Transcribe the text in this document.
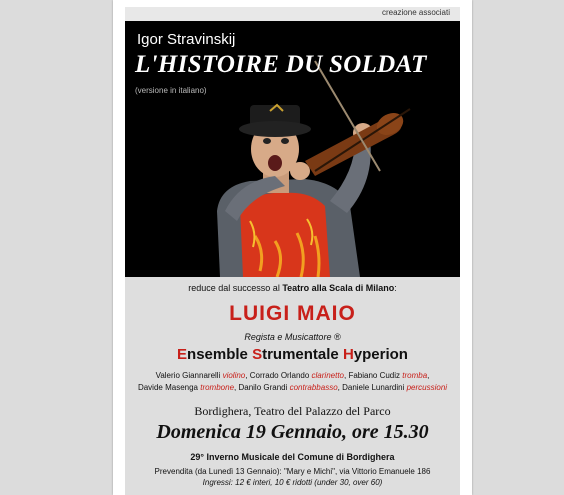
creazione associati
Igor Stravinskij
L'HISTOIRE DU SOLDAT
(versione in italiano)
reduce dal successo al Teatro alla Scala di Milano:
LUIGI MAIO
Regista e Musicattore ®
Ensemble Strumentale Hyperion
Valerio Giannarelli violino, Corrado Orlando clarinetto, Fabiano Cudiz tromba,
Davide Masenga trombone, Danilo Grandi contrabbasso, Daniele Lunardini percussioni
Bordighera, Teatro del Palazzo del Parco
Domenica 19 Gennaio, ore 15.30
29° Inverno Musicale del Comune di Bordighera
Prevendita (da Lunedì 13 Gennaio): "Mary e Michi", via Vittorio Emanuele 186
Ingressi: 12 € interi, 10 € ridotti (under 30, over 60)
